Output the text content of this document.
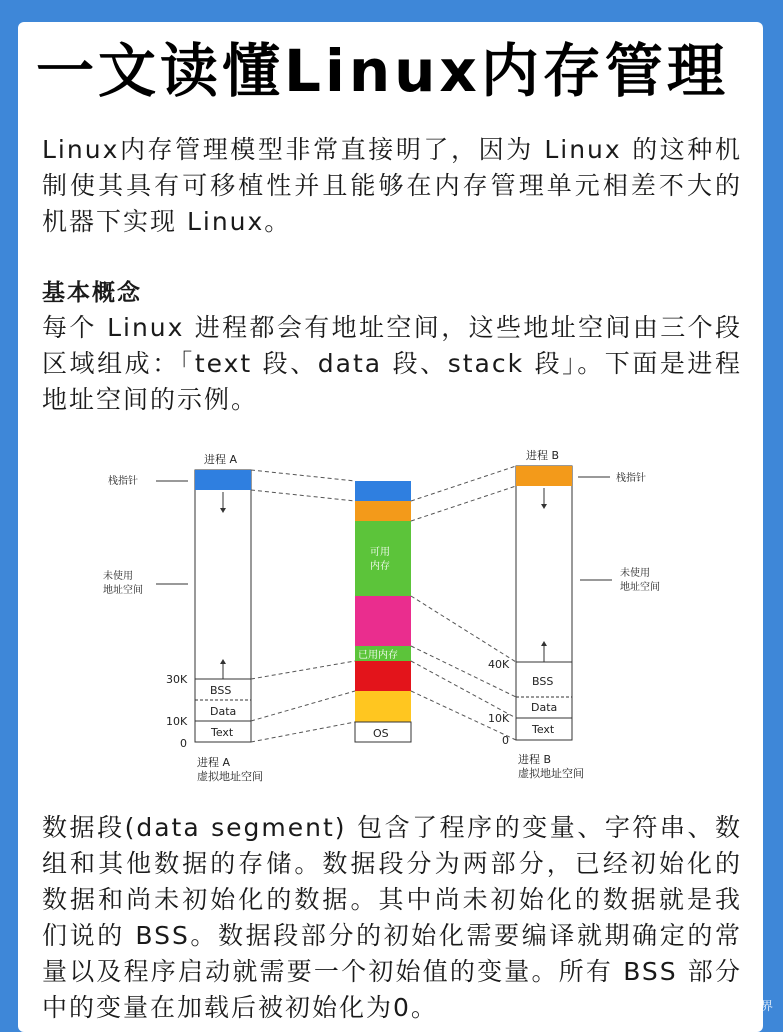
一文读懂Linux内存管理
Linux内存管理模型非常直接明了，因为 Linux 的这种机制使其具有可移植性并且能够在内存管理单元相差不大的机器下实现 Linux。
基本概念
每个 Linux 进程都会有地址空间，这些地址空间由三个段区域组成：「text 段、data 段、stack 段」。下面是进程地址空间的示例。
进程 A
BSS
Data
Text
栈指针
未使用
地址空间
30K
10K
0
进程 A
虚拟地址空间
可用
内存
已用内存
OS
进程 B
BSS
Data
Text
栈指针
未使用
地址空间
40K
10K
0
进程 B
虚拟地址空间
数据段(data segment) 包含了程序的变量、字符串、数组和其他数据的存储。数据段分为两部分，已经初始化的数据和尚未初始化的数据。其中尚未初始化的数据就是我们说的 BSS。数据段部分的初始化需要编译就期确定的常量以及程序启动就需要一个初始值的变量。所有 BSS 部分中的变量在加载后被初始化为0。	CSDN @晖度丨安全视界
